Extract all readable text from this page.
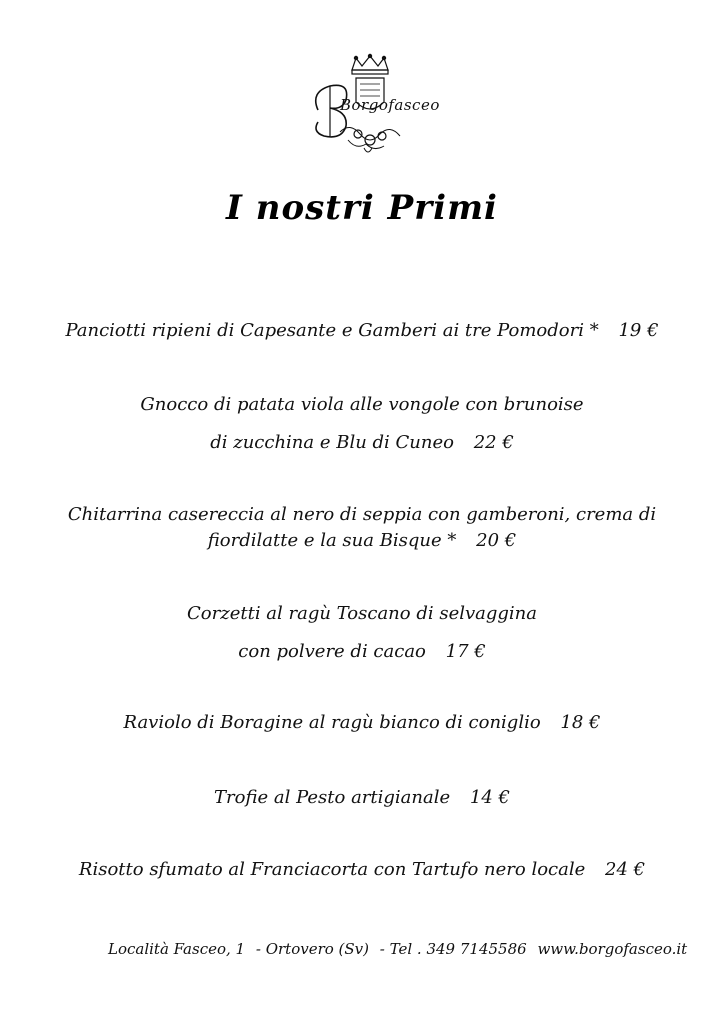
Borgofasceo
I nostri Primi
Panciotti ripieni di Capesante e Gamberi ai tre Pomodori * 19 €
Gnocco di patata viola alle vongole con brunoise
di zucchina e Blu di Cuneo 22 €
Chitarrina casereccia al nero di seppia con gamberoni, crema di
fiordilatte e la sua Bisque * 20 €
Corzetti al ragù Toscano di selvaggina
con polvere di cacao 17 €
Raviolo di Boragine al ragù bianco di coniglio 18 €
Trofie al Pesto artigianale 14 €
Risotto sfumato al Franciacorta con Tartufo nero locale 24 €
Località Fasceo, 1 - Ortovero (Sv) - Tel . 349 7145586 www.borgofasceo.it
